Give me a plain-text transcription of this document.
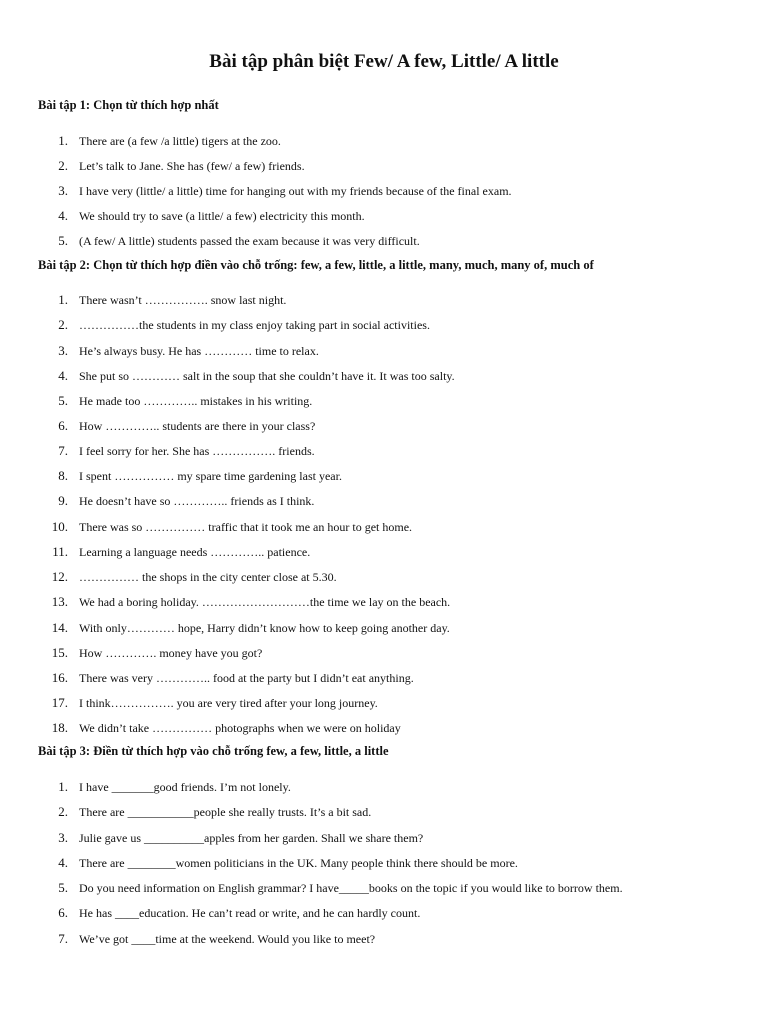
Bài tập phân biệt Few/ A few, Little/ A little
Bài tập 1: Chọn từ thích hợp nhất
1. There are (a few /a little) tigers at the zoo.
2. Let’s talk to Jane. She has (few/ a few) friends.
3. I have very (little/ a little) time for hanging out with my friends because of the final exam.
4. We should try to save (a little/ a few) electricity this month.
5. (A few/ A little) students passed the exam because it was very difficult.
Bài tập 2: Chọn từ thích hợp điền vào chỗ trống: few, a few, little, a little, many, much, many of, much of
1. There wasn’t ……………. snow last night.
2. ……………the students in my class enjoy taking part in social activities.
3. He’s always busy. He has ………… time to relax.
4. She put so ………… salt in the soup that she couldn’t have it. It was too salty.
5. He made too ………….. mistakes in his writing.
6. How ………….. students are there in your class?
7. I feel sorry for her. She has ……………. friends.
8. I spent …………… my spare time gardening last year.
9. He doesn’t have so ………….. friends as I think.
10. There was so …………… traffic that it took me an hour to get home.
11. Learning a language needs ………….. patience.
12. …………… the shops in the city center close at 5.30.
13. We had a boring holiday. ………………………the time we lay on the beach.
14. With only………… hope, Harry didn’t know how to keep going another day.
15. How …………. money have you got?
16. There was very ………….. food at the party but I didn’t eat anything.
17. I think……………. you are very tired after your long journey.
18. We didn’t take …………… photographs when we were on holiday
Bài tập 3: Điền từ thích hợp vào chỗ trống few, a few, little, a little
1. I have _______good friends. I’m not lonely.
2. There are ___________people she really trusts. It’s a bit sad.
3. Julie gave us __________apples from her garden. Shall we share them?
4. There are ________women politicians in the UK. Many people think there should be more.
5. Do you need information on English grammar? I have_____books on the topic if you would like to borrow them.
6. He has ____education. He can’t read or write, and he can hardly count.
7. We’ve got ____time at the weekend. Would you like to meet?
